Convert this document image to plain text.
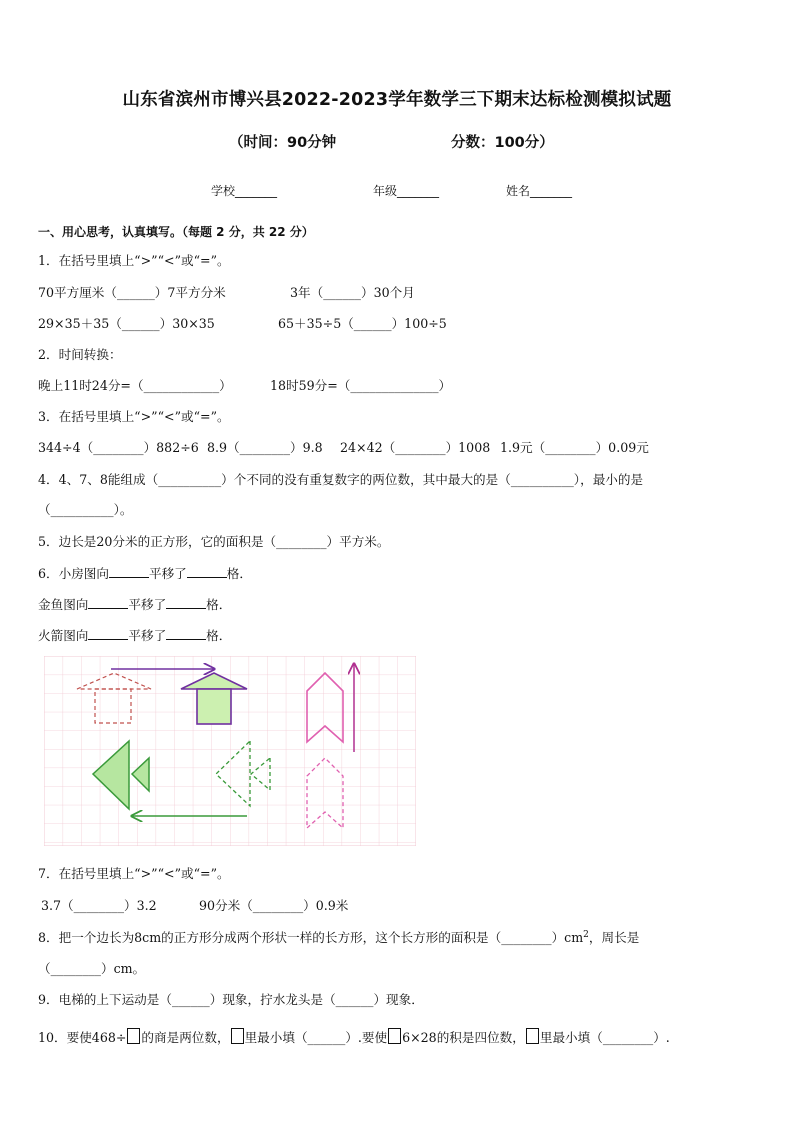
山东省滨州市博兴县2022-2023学年数学三下期末达标检测模拟试题
（时间：90分钟	分数：100分）
学校_______	年级_______	姓名_______
一、用心思考，认真填写。（每题 2 分，共 22 分）
1．在括号里填上“>”“<”或“=”。
70平方厘米（______）7平方分米	3年（______）30个月
29×35＋35（______）30×35	65＋35÷5（______）100÷5
2．时间转换：
晚上11时24分=（____________）	18时59分=（______________）
3．在括号里填上“>”“<”或“=”。
344÷4（________）882÷6 8.9（________）9.8 24×42（________）1008 1.9元（________）0.09元
4．4、7、8能组成（__________）个不同的没有重复数字的两位数，其中最大的是（__________），最小的是
（__________）。
5．边长是20分米的正方形，它的面积是（________）平方米。
6．小房图向	平移了	格．
金鱼图向	平移了	格．
火箭图向	平移了	格．
7．在括号里填上“>”“<”或“=”。
3.7（________）3.2	90分米（________）0.9米
8．把一个边长为8cm的正方形分成两个形状一样的长方形，这个长方形的面积是$(\_\_\_\_\_\_\_\_)cm^2$，周长是
（________）cm。
9．电梯的上下运动是（______）现象，拧水龙头是（______）现象．
10．要使468÷ 的商是两位数， 里最小填（______）.要使 6×28的积是四位数， 里最小填（________）.
